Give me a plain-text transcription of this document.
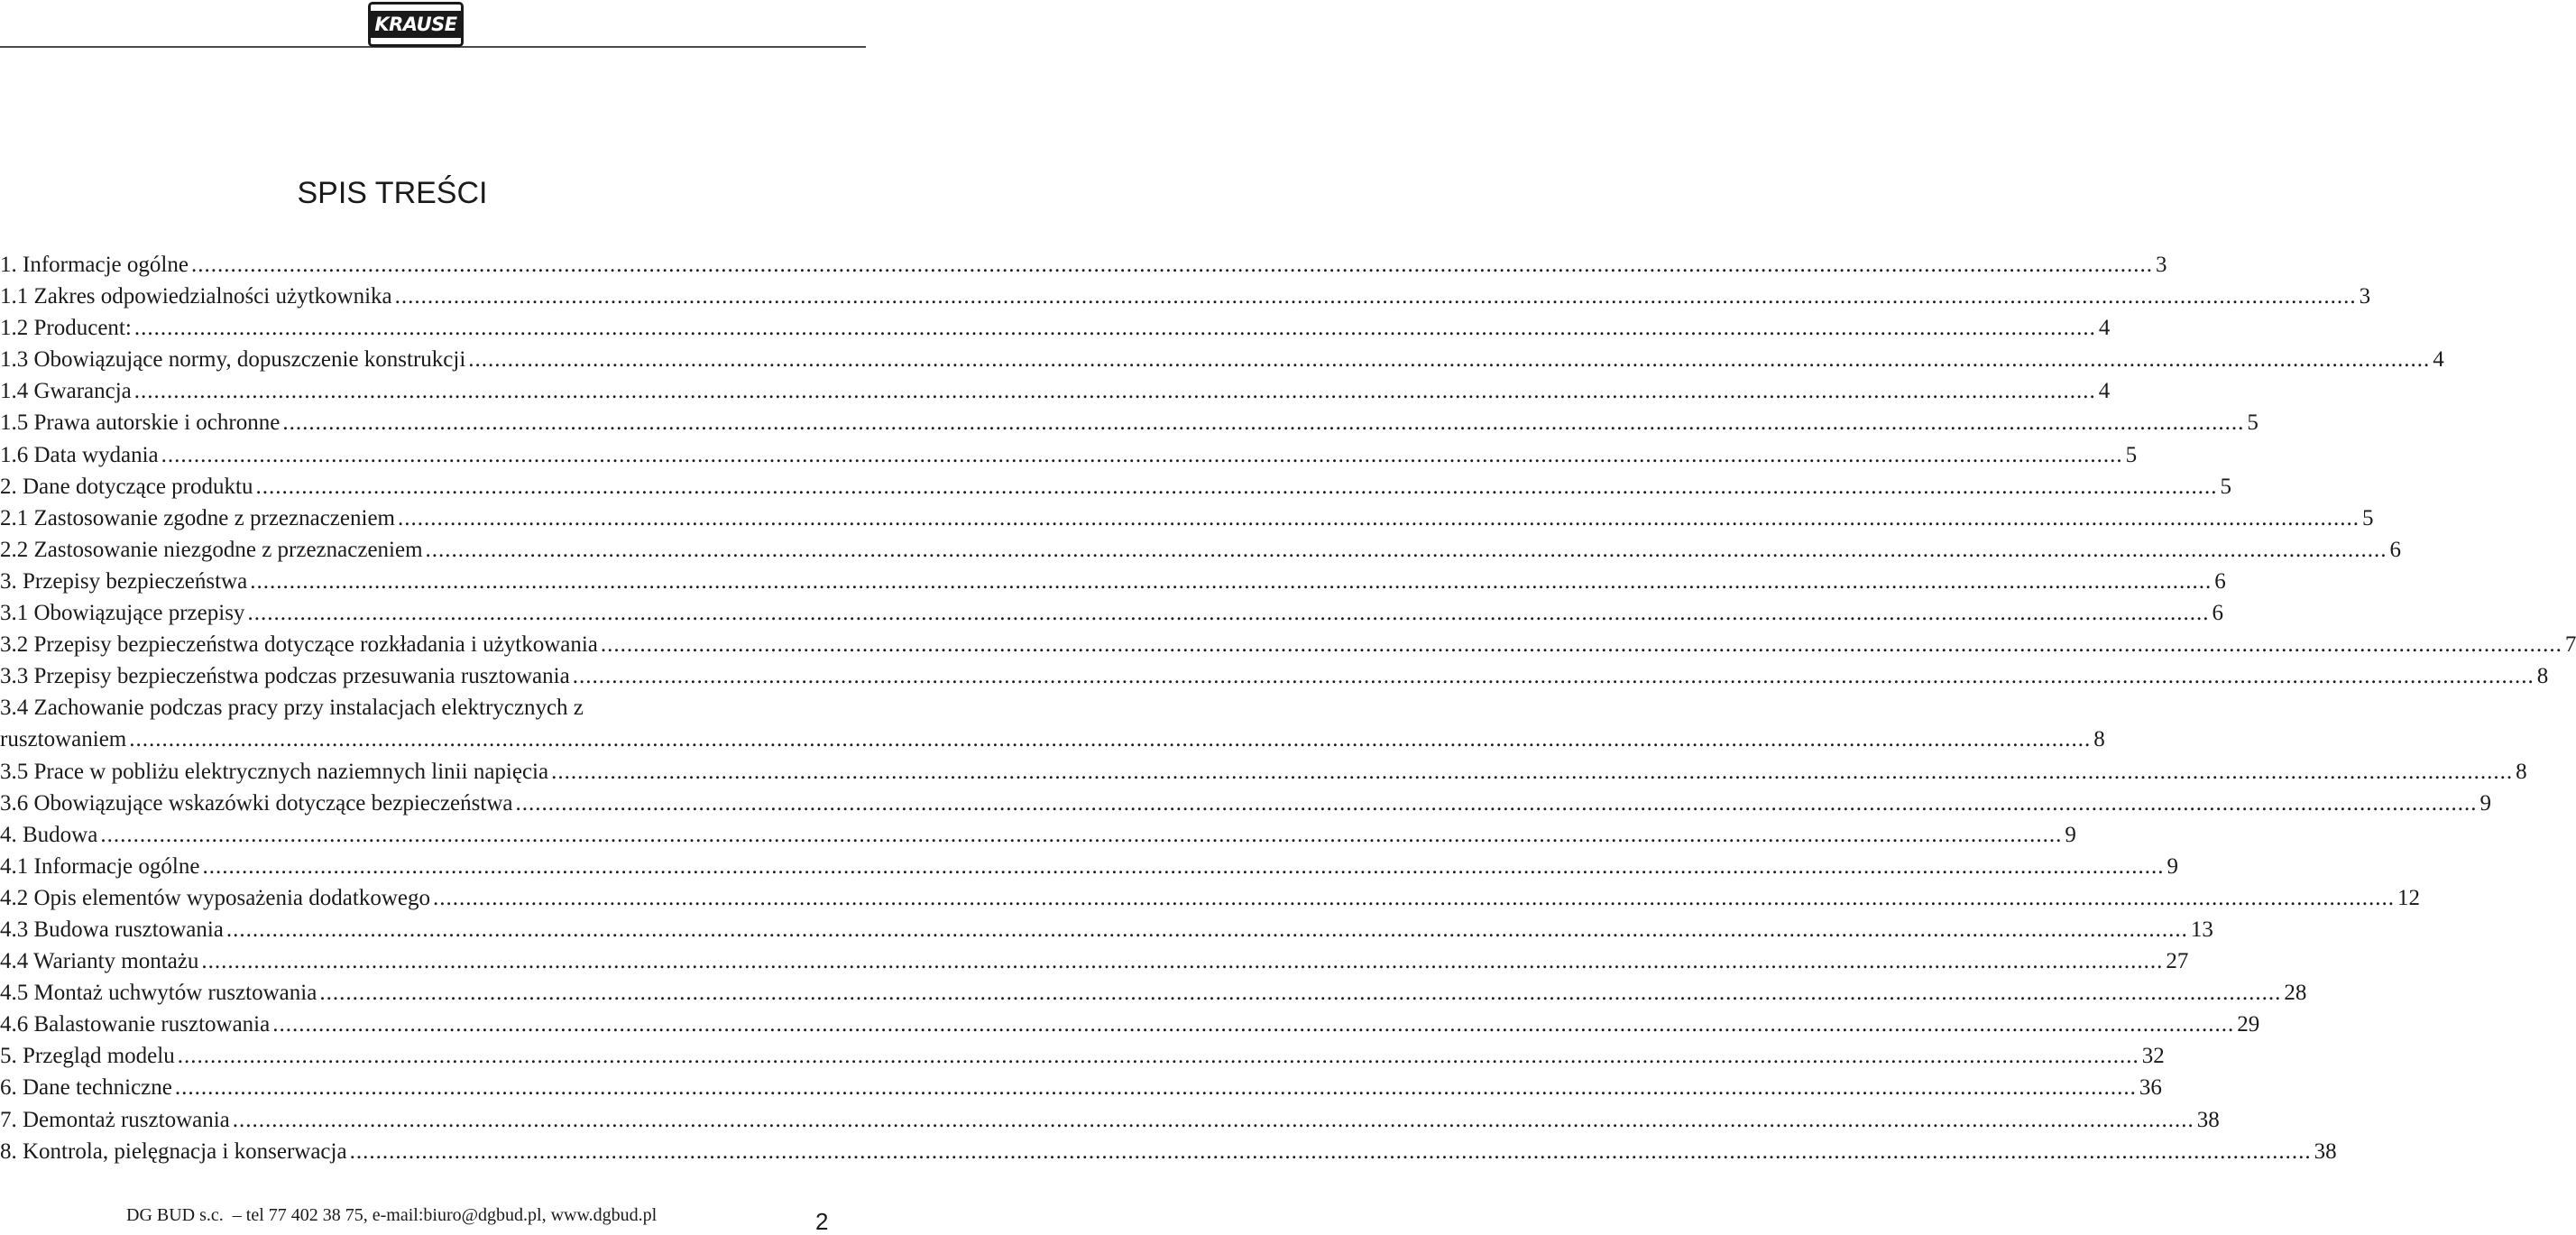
KRAUSE
SPIS TREŚCI
1. Informacje ogólne ............................................................................................................................................................................................................................................................................................................ 3
1.1 Zakres odpowiedzialności użytkownika ............................................................................................................................................................................................................................................................................................................ 3
1.2 Producent: ............................................................................................................................................................................................................................................................................................................ 4
1.3 Obowiązujące normy, dopuszczenie konstrukcji ............................................................................................................................................................................................................................................................................................................ 4
1.4 Gwarancja ............................................................................................................................................................................................................................................................................................................ 4
1.5 Prawa autorskie i ochronne ............................................................................................................................................................................................................................................................................................................ 5
1.6 Data wydania ............................................................................................................................................................................................................................................................................................................ 5
2. Dane dotyczące produktu ............................................................................................................................................................................................................................................................................................................ 5
2.1 Zastosowanie zgodne z przeznaczeniem ............................................................................................................................................................................................................................................................................................................ 5
2.2 Zastosowanie niezgodne z przeznaczeniem ............................................................................................................................................................................................................................................................................................................ 6
3. Przepisy bezpieczeństwa ............................................................................................................................................................................................................................................................................................................ 6
3.1 Obowiązujące przepisy ............................................................................................................................................................................................................................................................................................................ 6
3.2 Przepisy bezpieczeństwa dotyczące rozkładania i użytkowania ............................................................................................................................................................................................................................................................................................................ 7
3.3 Przepisy bezpieczeństwa podczas przesuwania rusztowania ............................................................................................................................................................................................................................................................................................................ 8
3.4 Zachowanie podczas pracy przy instalacjach elektrycznych z
rusztowaniem ............................................................................................................................................................................................................................................................................................................ 8
3.5 Prace w pobliżu elektrycznych naziemnych linii napięcia ............................................................................................................................................................................................................................................................................................................ 8
3.6 Obowiązujące wskazówki dotyczące bezpieczeństwa ............................................................................................................................................................................................................................................................................................................ 9
4. Budowa ............................................................................................................................................................................................................................................................................................................ 9
4.1 Informacje ogólne ............................................................................................................................................................................................................................................................................................................ 9
4.2 Opis elementów wyposażenia dodatkowego ............................................................................................................................................................................................................................................................................................................ 12
4.3 Budowa rusztowania ............................................................................................................................................................................................................................................................................................................ 13
4.4 Warianty montażu ............................................................................................................................................................................................................................................................................................................ 27
4.5 Montaż uchwytów rusztowania ............................................................................................................................................................................................................................................................................................................ 28
4.6 Balastowanie rusztowania ............................................................................................................................................................................................................................................................................................................ 29
5. Przegląd modelu ............................................................................................................................................................................................................................................................................................................ 32
6. Dane techniczne ............................................................................................................................................................................................................................................................................................................ 36
7. Demontaż rusztowania ............................................................................................................................................................................................................................................................................................................ 38
8. Kontrola, pielęgnacja i konserwacja ............................................................................................................................................................................................................................................................................................................ 38
DG BUD s.c.  – tel 77 402 38 75, e-mail:biuro@dgbud.pl, www.dgbud.pl	2
